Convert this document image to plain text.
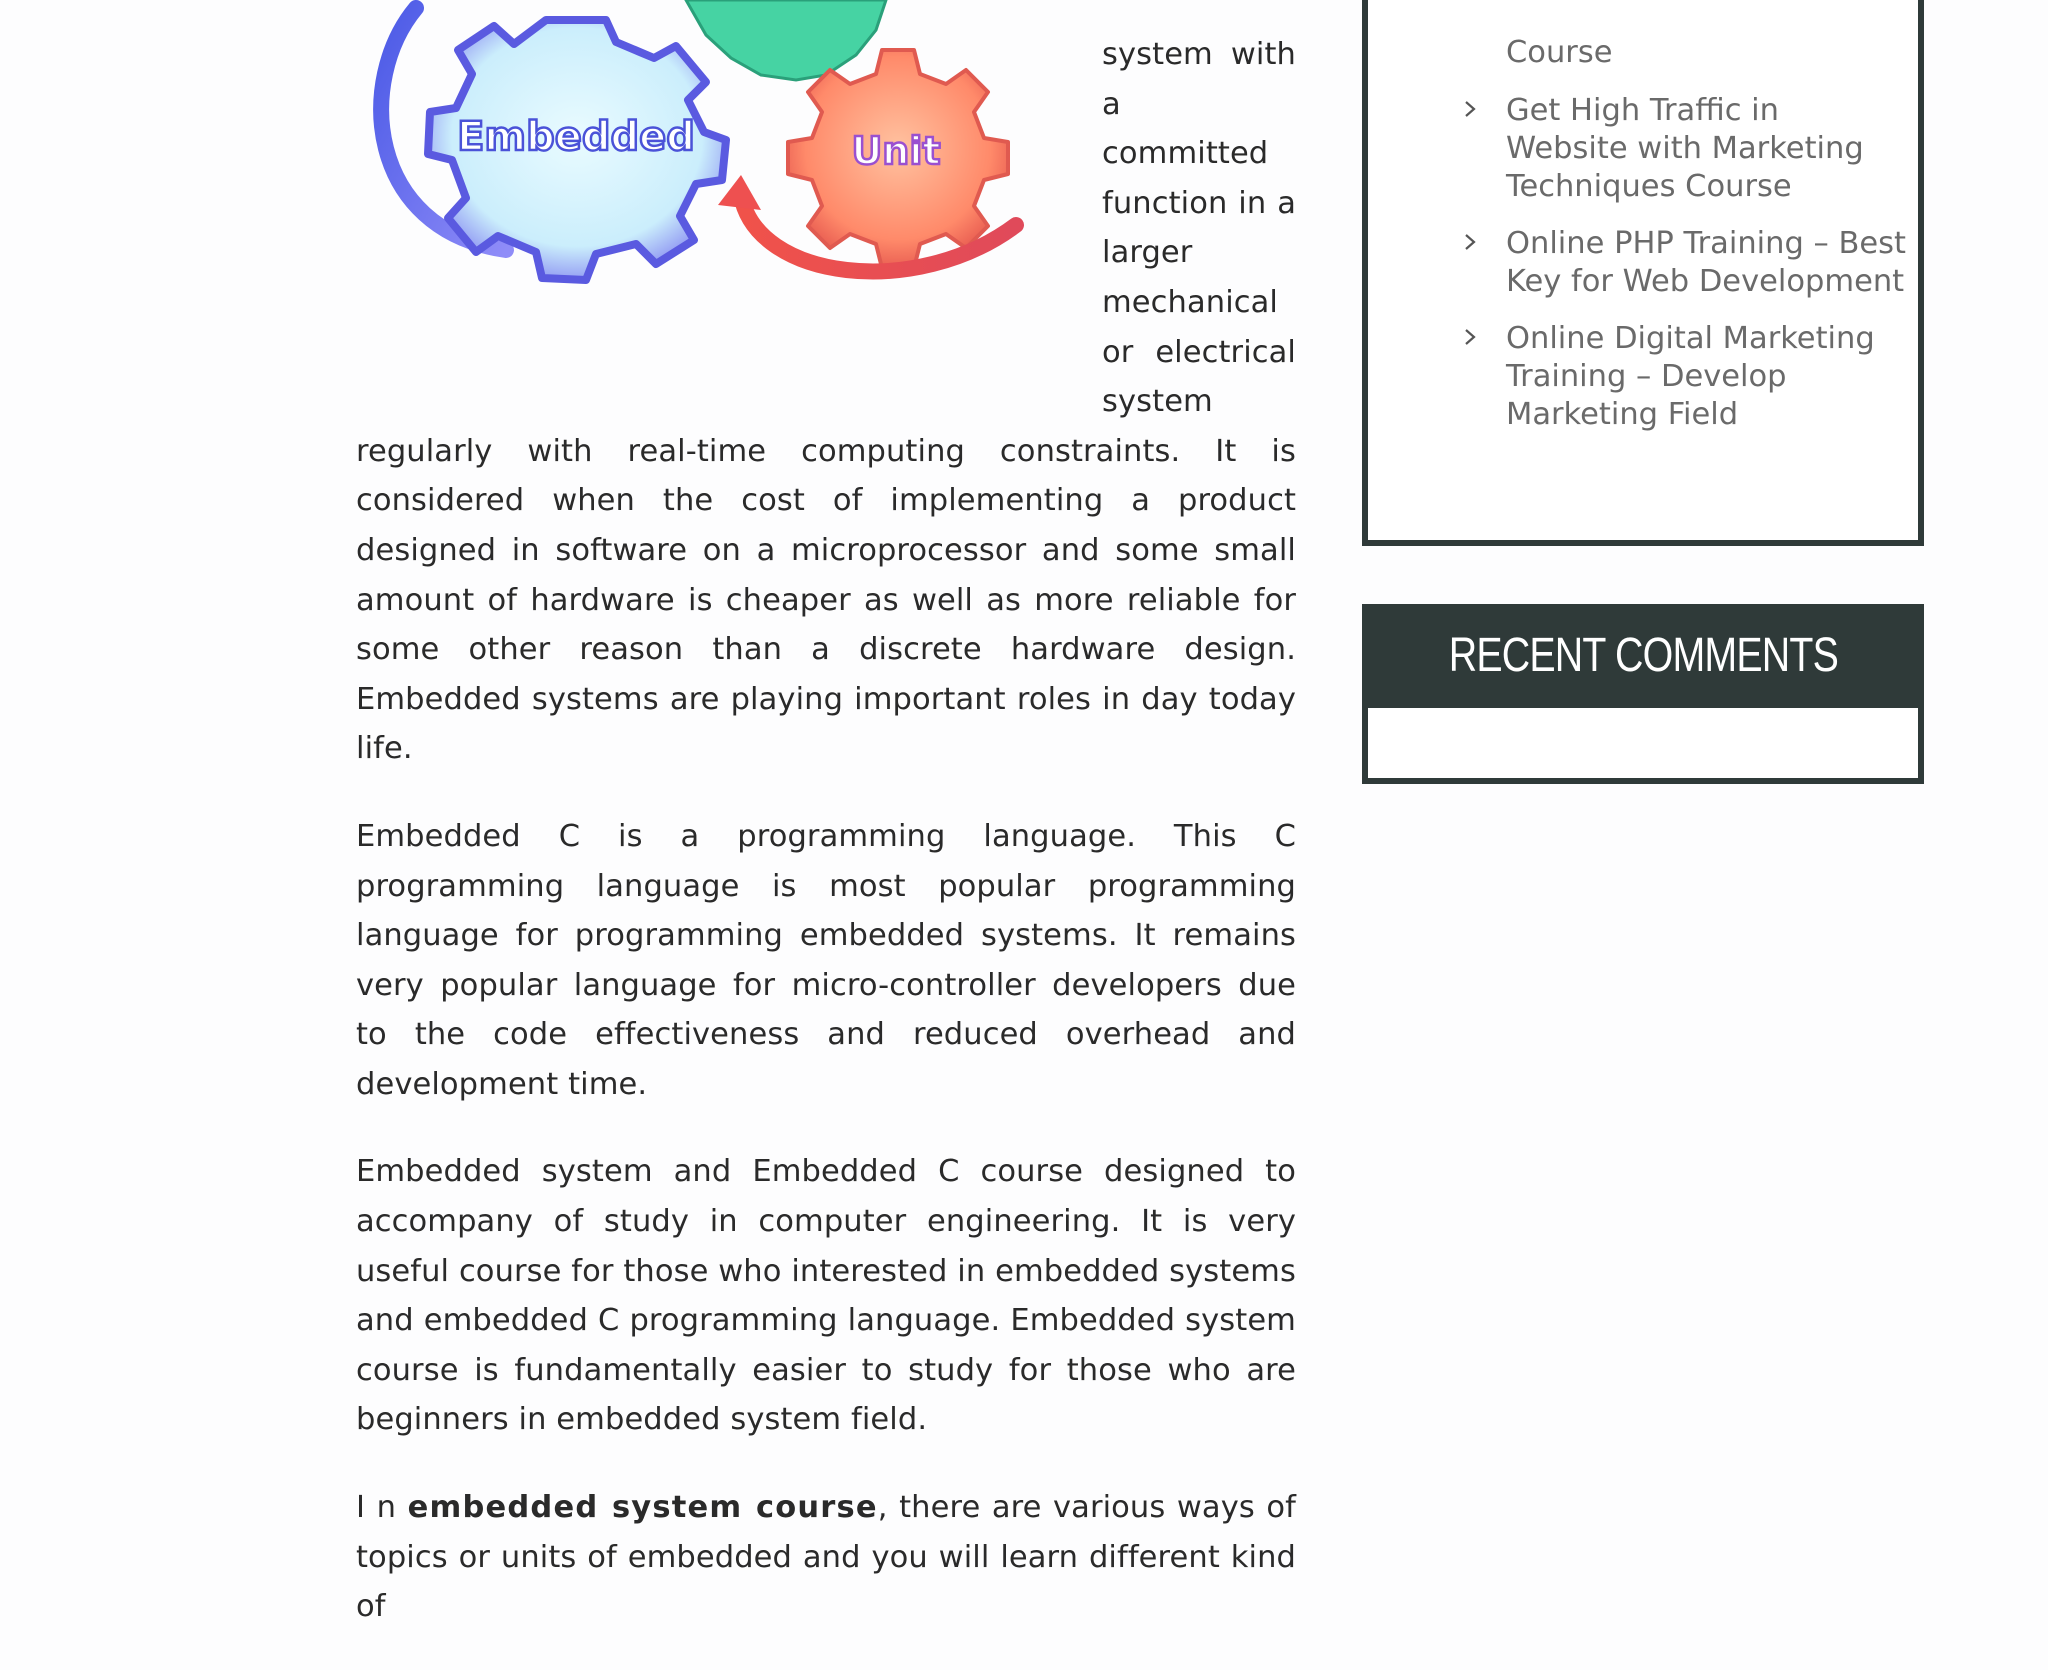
Embedded	Unit
system with
a committed
function in a
larger
mechanical
or electrical
system
regularly with real-time computing constraints. It is considered when the cost of implementing a product designed in software on a microprocessor and some small amount of hardware is cheaper as well as more reliable for some other reason than a discrete hardware design. Embedded systems are playing important roles in day today life.

Embedded C is a programming language. This C programming language is most popular programming language for programming embedded systems. It remains very popular language for micro-controller developers due to the code effectiveness and reduced overhead and development time.

Embedded system and Embedded C course designed to accompany of study in computer engineering. It is very useful course for those who interested in embedded systems and embedded C programming language. Embedded system course is fundamentally easier to study for those who are beginners in embedded system field.

I n embedded system course, there are various ways of topics or units of embedded and you will learn different kind of

Course
Get High Traffic in Website with Marketing Techniques Course
Online PHP Training – Best Key for Web Development
Online Digital Marketing Training – Develop Marketing Field
RECENT COMMENTS
